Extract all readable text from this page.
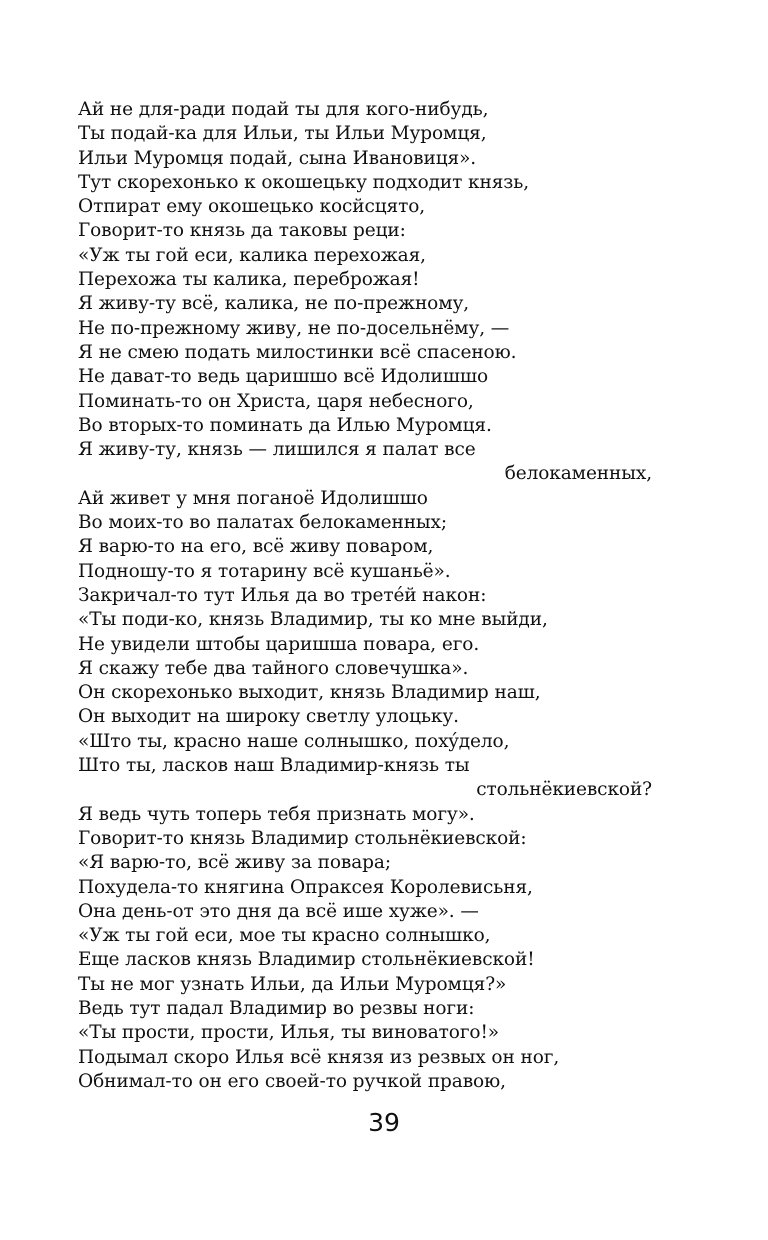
Ай не для-ради подай ты для кого-нибудь,
Ты подай-ка для Ильи, ты Ильи Муромця,
Ильи Муромця подай, сына Ивановиця».
Тут скорехонько к окошецьку подходит князь,
Отпират ему окошецько косйсцято,
Говорит-то князь да таковы реци:
«Уж ты гой еси, калика перехожая,
Перехожа ты калика, переброжая!
Я живу-ту всё, калика, не по-прежному,
Не по-прежному живу, не по-досельнёму, —
Я не смею подать милостинки всё спасеною.
Не дават-то ведь царишшо всё Идолишшо
Поминать-то он Христа, царя небесного,
Во вторых-то поминать да Илью Муромця.
Я живу-ту, князь — лишился я палат все
белокаменных,
Ай живет у мня поганоё Идолишшо
Во моих-то во палатах белокаменных;
Я варю-то на его, всё живу поваром,
Подношу-то я тотарину всё кушаньё».
Закричал-то тут Илья да во третéй након:
«Ты поди-ко, князь Владимир, ты ко мне выйди,
Не увидели штобы царишша повара, его.
Я скажу тебе два тайного словечушка».
Он скорехонько выходит, князь Владимир наш,
Он выходит на широку светлу улоцьку.
«Што ты, красно наше солнышко, похýдело,
Што ты, ласков наш Владимир-князь ты
стольнёкиевской?
Я ведь чуть топерь тебя признать могу».
Говорит-то князь Владимир стольнёкиевской:
«Я варю-то, всё живу за повара;
Похудела-то княгина Опраксея Королевисьня,
Она день-от это дня да всё ише хуже». —
«Уж ты гой еси, мое ты красно солнышко,
Еще ласков князь Владимир стольнёкиевской!
Ты не мог узнать Ильи, да Ильи Муромця?»
Ведь тут падал Владимир во резвы ноги:
«Ты прости, прости, Илья, ты виноватого!»
Подымал скоро Илья всё князя из резвых он ног,
Обнимал-то он его своей-то ручкой правою,
39
